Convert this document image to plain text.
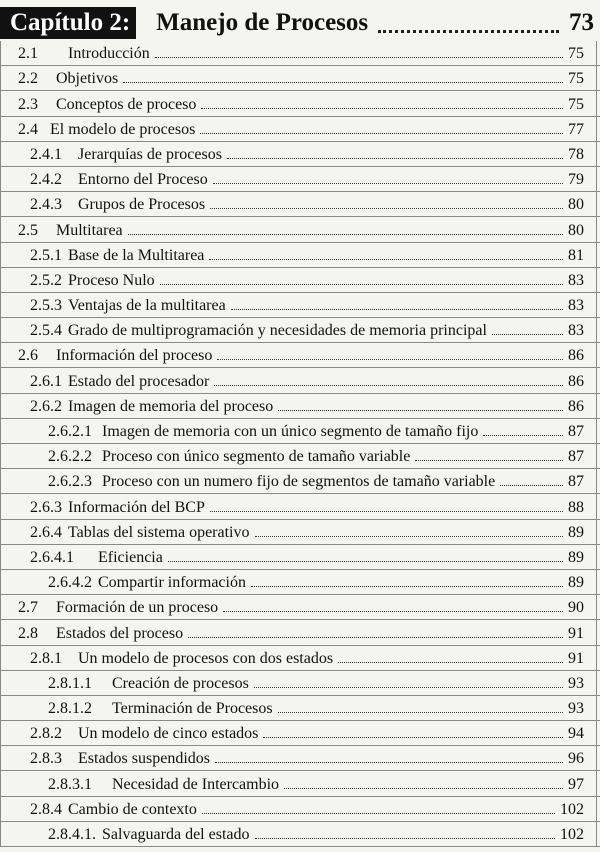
Capítulo 2: Manejo de Procesos	73
2.1 Introducción	75
2.2 Objetivos	75
2.3 Conceptos de proceso	75
2.4 El modelo de procesos	77
2.4.1 Jerarquías de procesos	78
2.4.2 Entorno del Proceso	79
2.4.3 Grupos de Procesos	80
2.5 Multitarea	80
2.5.1 Base de la Multitarea	81
2.5.2 Proceso Nulo	83
2.5.3 Ventajas de la multitarea	83
2.5.4 Grado de multiprogramación y necesidades de memoria principal	83
2.6 Información del proceso	86
2.6.1 Estado del procesador	86
2.6.2 Imagen de memoria del proceso	86
2.6.2.1 Imagen de memoria con un único segmento de tamaño fijo	87
2.6.2.2 Proceso con único segmento de tamaño variable	87
2.6.2.3 Proceso con un numero fijo de segmentos de tamaño variable	87
2.6.3 Información del BCP	88
2.6.4 Tablas del sistema operativo	89
2.6.4.1 Eficiencia	89
2.6.4.2 Compartir información	89
2.7 Formación de un proceso	90
2.8 Estados del proceso	91
2.8.1 Un modelo de procesos con dos estados	91
2.8.1.1 Creación de procesos	93
2.8.1.2 Terminación de Procesos	93
2.8.2 Un modelo de cinco estados	94
2.8.3 Estados suspendidos	96
2.8.3.1 Necesidad de Intercambio	97
2.8.4 Cambio de contexto	102
2.8.4.1. Salvaguarda del estado	102
